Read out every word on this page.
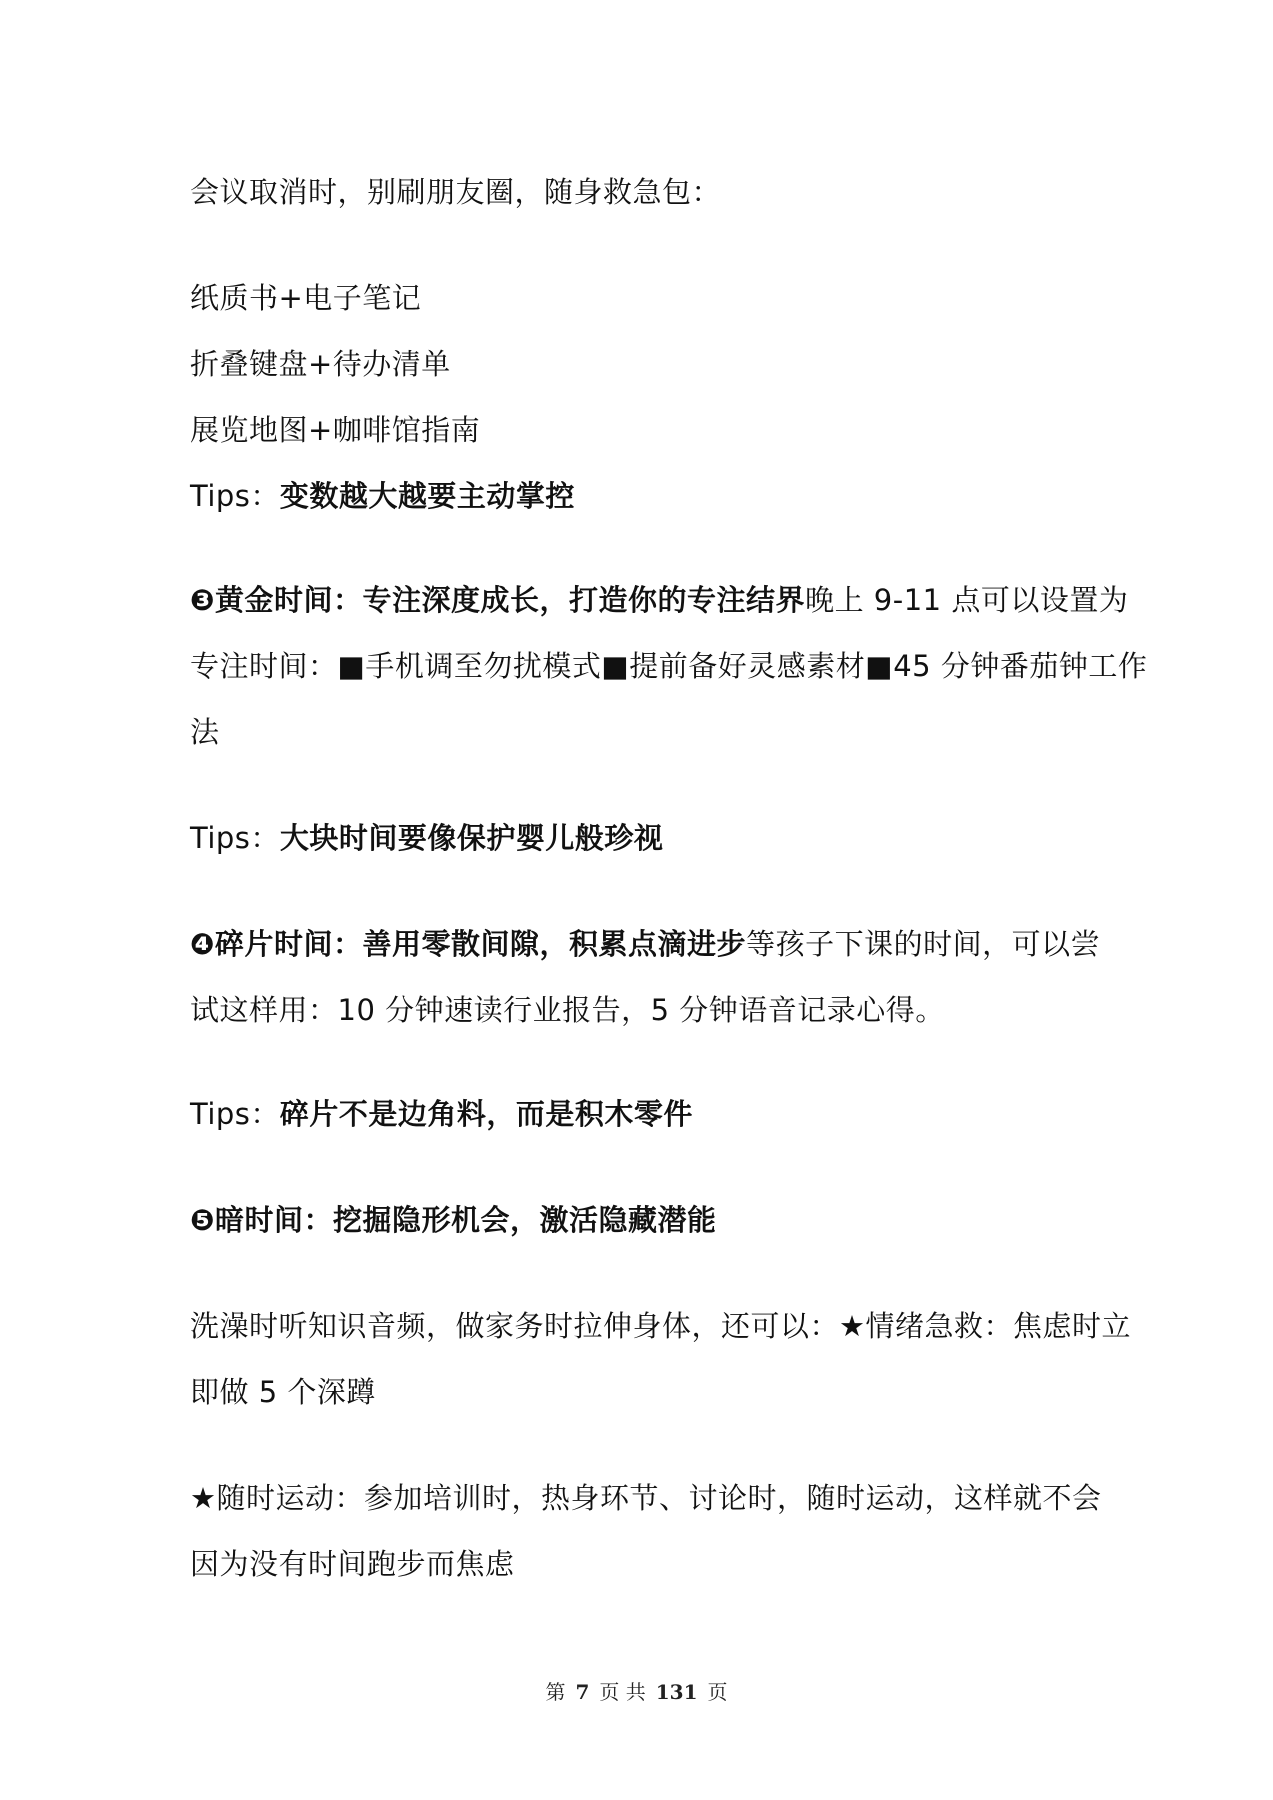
会议取消时，别刷朋友圈，随身救急包：

纸质书+电子笔记

折叠键盘+待办清单

展览地图+咖啡馆指南

Tips：变数越大越要主动掌控

❸黄金时间：专注深度成长，打造你的专注结界晚上 9-11 点可以设置为

专注时间：■手机调至勿扰模式■提前备好灵感素材■45 分钟番茄钟工作

法

Tips：大块时间要像保护婴儿般珍视

❹碎片时间：善用零散间隙，积累点滴进步等孩子下课的时间，可以尝

试这样用：10 分钟速读行业报告，5 分钟语音记录心得。

Tips：碎片不是边角料，而是积木零件

❺暗时间：挖掘隐形机会，激活隐藏潜能

洗澡时听知识音频，做家务时拉伸身体，还可以：★情绪急救：焦虑时立

即做 5 个深蹲

★随时运动：参加培训时，热身环节、讨论时，随时运动，这样就不会

因为没有时间跑步而焦虑

第 7 页 共 131 页
